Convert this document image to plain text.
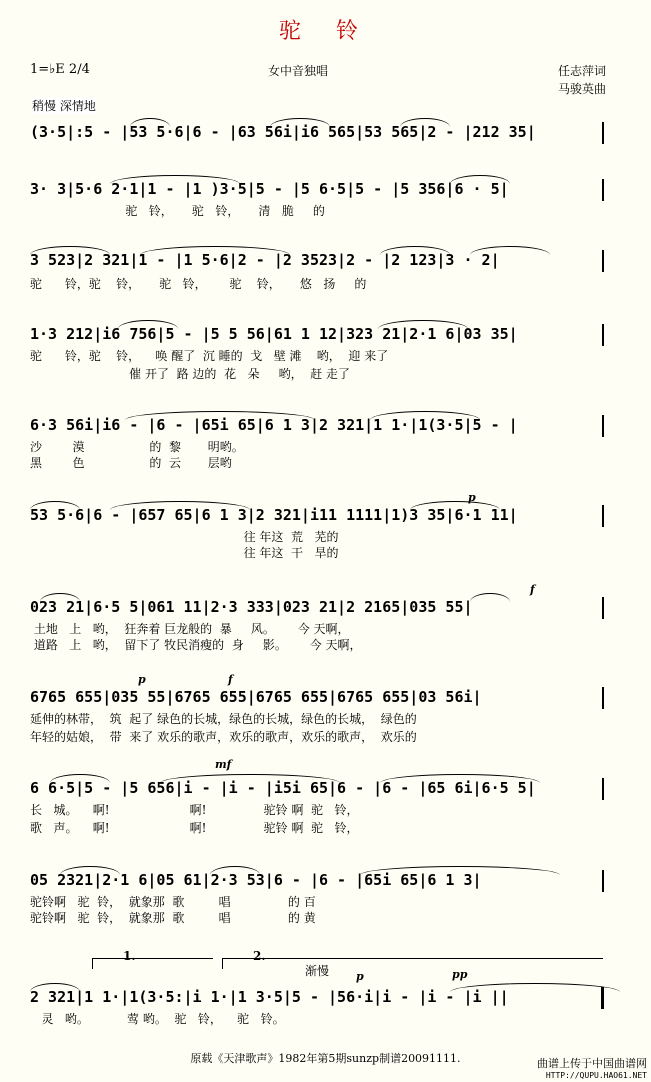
驼 铃
1=♭E 2/4	女中音独唱	任志萍词
马骏英曲
稍慢 深情地
(3·5|:5 - |53 5·6|6 - |63 56i|i6 565|53 565|2 - |212 35|
3· 3|5·6 2·1|1 - |1 )3·5|5 - |5 6·5|5 - |5 356|6 · 5|
驼   铃，     驼   铃，     清   脆     的
3 523|2 321|1 - |1 5·6|2 - |2 3523|2 - |2 123|3 · 2|
驼      铃，驼    铃，     驼   铃，      驼    铃，     悠   扬     的
1·3 212|i6 756|5 - |5 5 56|61 1 12|323 21|2·1 6|03 35|
驼      铃，驼    铃，    唤 醒了  沉 睡的  戈   壁 滩    哟，  迎 来了
催 开了  路 边的  花   朵     哟，  赶 走了
6·3 56i|i6 - |6 - |65i 65|6 1 3|2 321|1 1·|1(3·5|5 - |
沙        漠                 的  黎       明哟。
黑        色                 的  云       层哟
p
53 5·6|6 - |657 65|6 1 3|2 321|i11 1111|1)3 35|6·1 11|
往 年这  荒   芜的
往 年这  干   旱的
f
023 21|6·5 5|061 11|2·3 333|023 21|2 2165|035 55|
土地   上   哟，  狂奔着 巨龙般的  暴     风。      今 天啊，
道路   上   哟，  留下了 牧民消瘦的  身     影。      今 天啊，
p	f
6765 655|035 55|6765 655|6765 655|6765 655|03 56i|
延伸的林带，  筑  起了 绿色的长城，绿色的长城，绿色的长城，  绿色的
年轻的姑娘，  带  来了 欢乐的歌声，欢乐的歌声，欢乐的歌声，  欢乐的
mf
6 6·5|5 - |5 656|i - |i - |i5i 65|6 - |6 - |65 6i|6·5 5|
长   城。    啊!                     啊!               驼铃 啊  驼   铃，
歌   声。    啊!                     啊!               驼铃 啊  驼   铃，
05 2321|2·1 6|05 61|2·3 53|6 - |6 - |65i 65|6 1 3|
驼铃啊   驼  铃，  就象那  歌         唱               的 百
驼铃啊   驼  铃，  就象那  歌         唱               的 黄
$^{1.}$	$^{2.}$
渐慢 p	pp
2 321|1 1·|1(3·5:|i 1·|1 3·5|5 - |56·i|i - |i - |i ||
灵   哟。          莺 哟。  驼   铃，    驼   铃。
原载《天津歌声》1982年第5期sunzp制谱20091111.	曲谱上传于中国曲谱网
HTTP://QUPU.HAO61.NET
